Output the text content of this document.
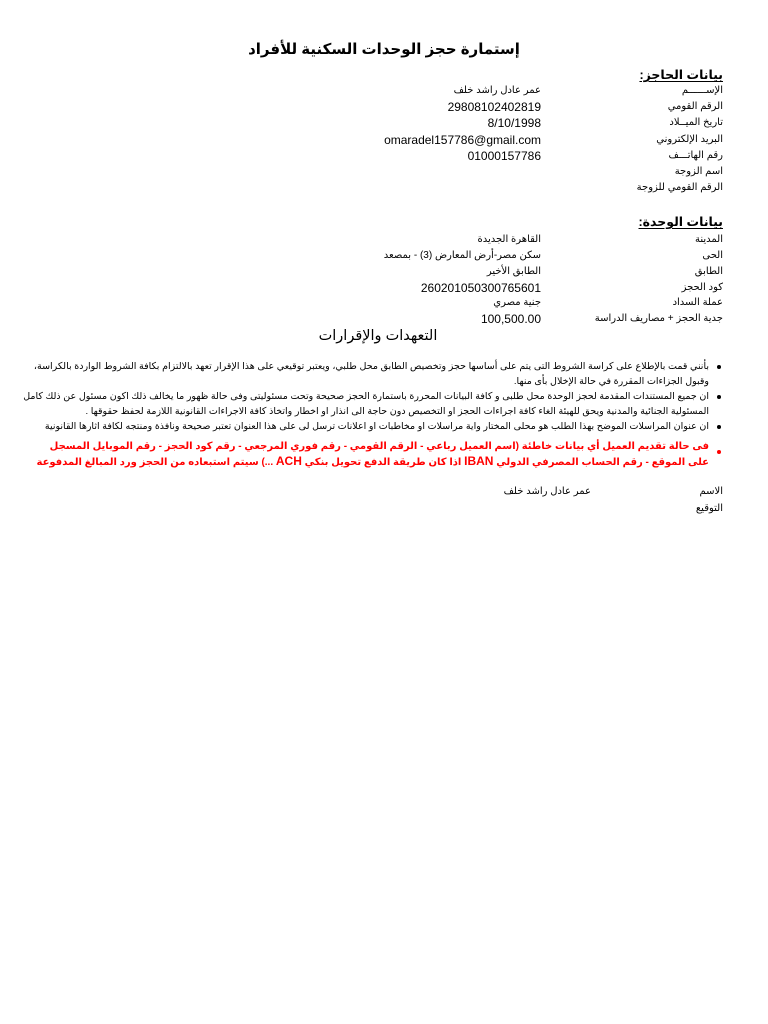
إستمارة حجز الوحدات السكنية للأفراد
بيانات الحاجز:
الإســــــم
عمر عادل راشد خلف
الرقم القومي
29808102402819
تاريخ الميــلاد
8/10/1998
البريد الإلكتروني
omaradel157786@gmail.com
رقم الهاتـــف
01000157786
اسم الزوجة
الرقم القومي للزوجة
بيانات الوحدة:
المدينة
القاهرة الجديدة
الحى
سكن مصر-أرض المعارض (3) - بمصعد
الطابق
الطابق الأخير
كود الحجز
260201050300765601
عملة السداد
جنية مصري
جدية الحجز + مصاريف الدراسة
100,500.00
التعهدات والإقرارات
بأنني قمت بالإطلاع على كراسة الشروط التى يتم على أساسها حجز وتخصيص الطابق محل طلبي، ويعتبر توقيعي على هذا الإقرار تعهد بالالتزام بكافة الشروط الواردة بالكراسة، وقبول الجزاءات المقررة في حالة الإخلال بأى منها.
ان جميع المستندات المقدمة لحجز الوحدة محل طلبى و كافة البيانات المحررة باستمارة الحجز صحيحة وتحت مسئوليتى وفى حالة ظهور ما يخالف ذلك اكون مسئول عن ذلك كامل المسئولية الجنائية والمدنية ويحق للهيئة الغاء كافة اجراءات الحجز او التخصيص دون حاجة الى انذار او اخطار واتخاذ كافة الاجراءات القانونية اللازمة لحفظ حقوقها .
ان عنوان المراسلات الموضح بهذا الطلب هو محلى المختار واية مراسلات او مخاطبات او اعلانات ترسل لى على هذا العنوان تعتبر صحيحة ونافذة ومنتجه لكافة اثارها القانونية
فى حالة تقديم العميل أي بيانات خاطئة (اسم العميل رباعي - الرقم القومي - رقم فوري المرجعي - رقم كود الحجز - رقم الموبايل المسجل على الموقع - رقم الحساب المصرفي الدولي IBAN اذا كان طريقة الدفع تحويل بنكي ACH ...) سيتم استبعاده من الحجز ورد المبالغ المدفوعة
الاسم
عمر عادل راشد خلف
التوقيع
